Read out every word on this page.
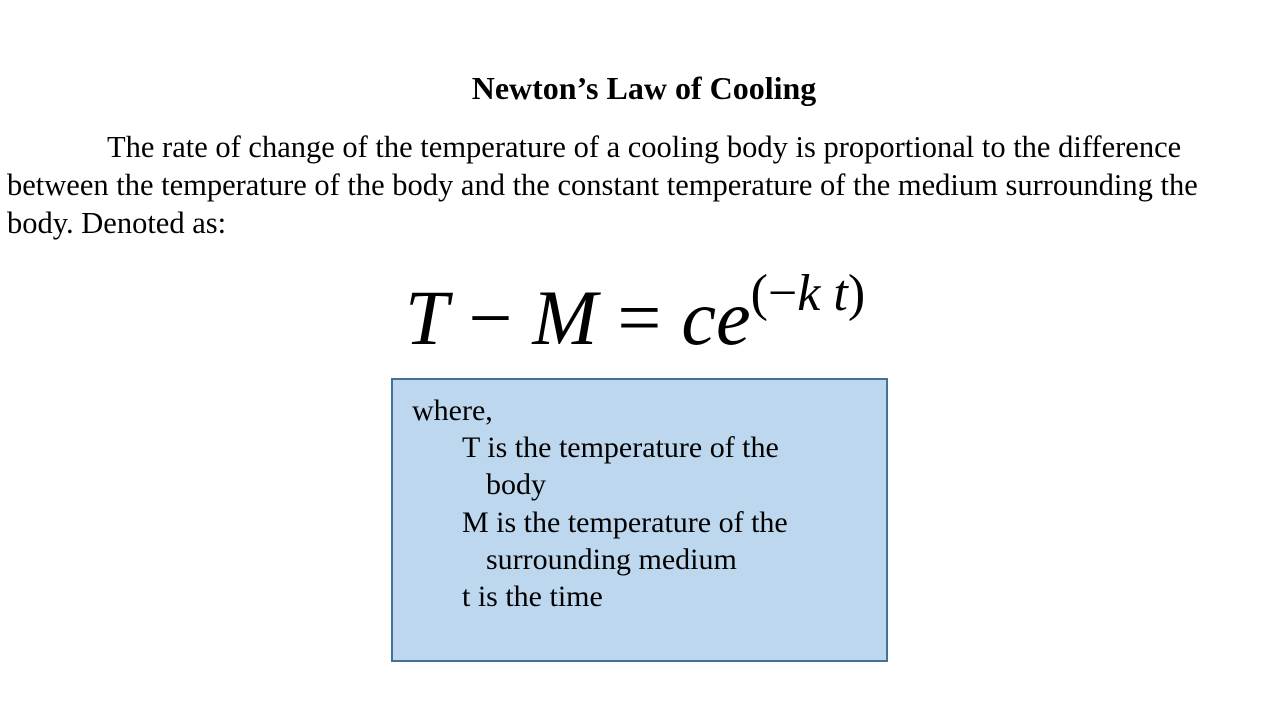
Newton’s Law of Cooling
The rate of change of the temperature of a cooling body is proportional to the difference between the temperature of the body and the constant temperature of the medium surrounding the body. Denoted as:
$T - M = ce^{(-k t)}$
where,
T is the temperature of the
body
M is the temperature of the
surrounding medium
t is the time
